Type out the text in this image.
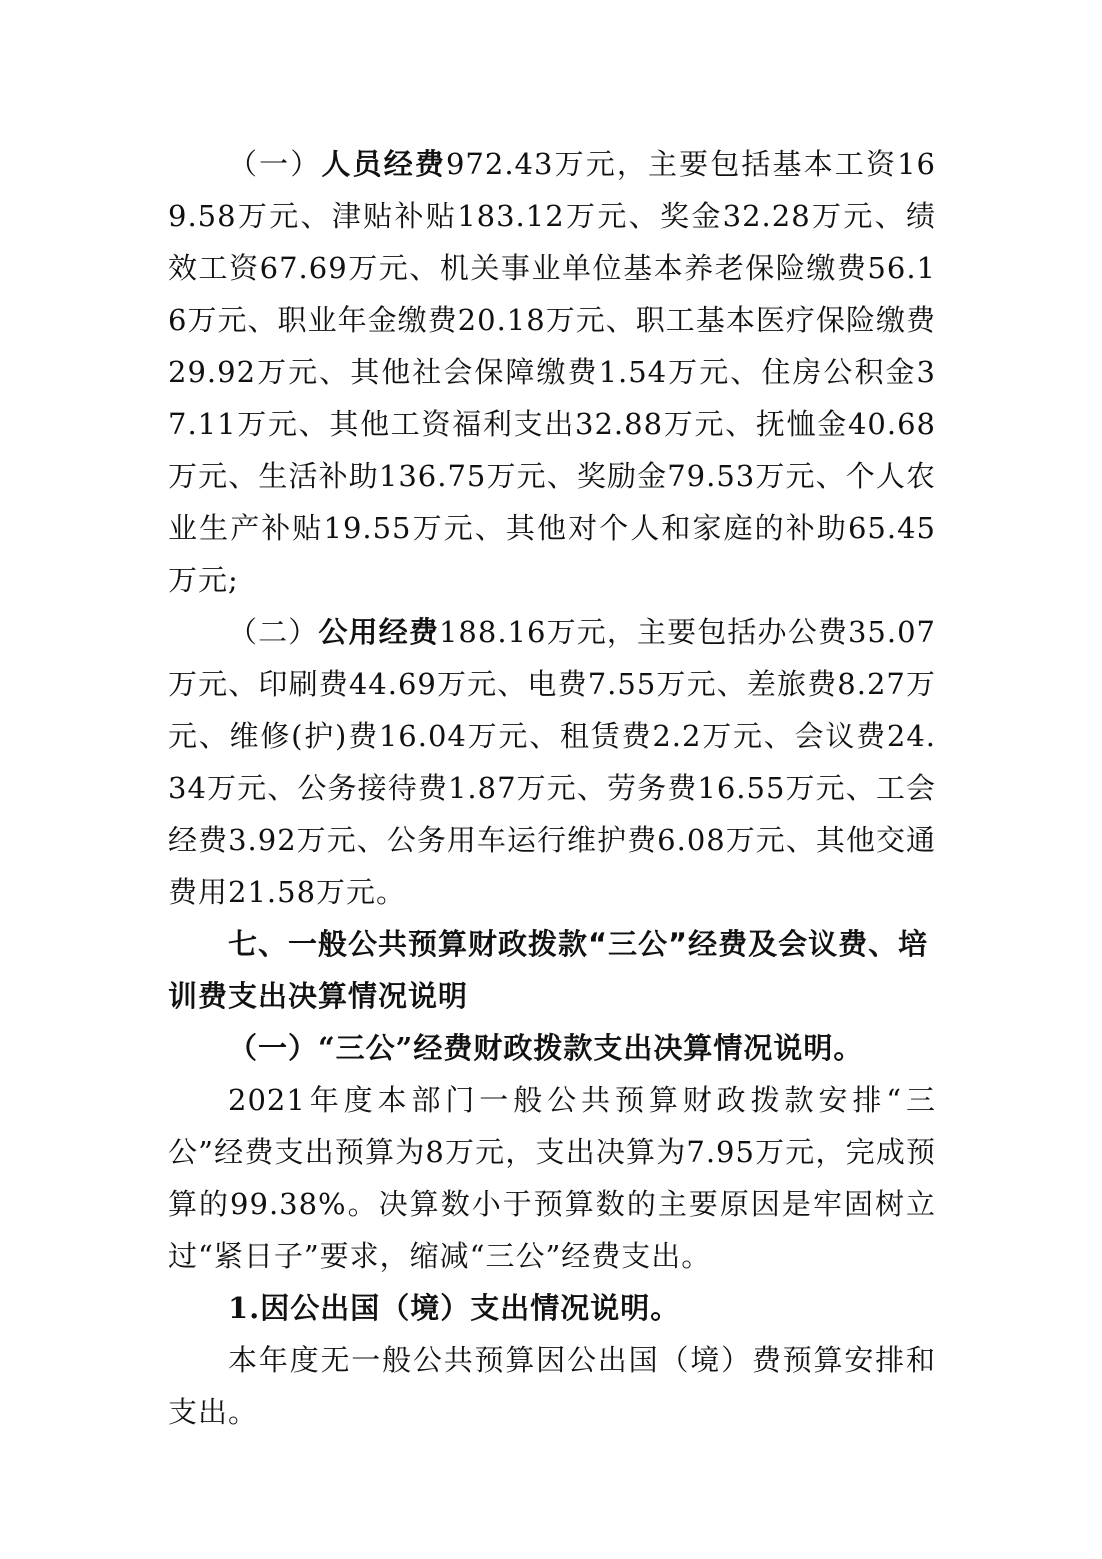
（一）人员经费972.43万元，主要包括基本工资169.58万元、津贴补贴183.12万元、奖金32.28万元、绩效工资67.69万元、机关事业单位基本养老保险缴费56.16万元、职业年金缴费20.18万元、职工基本医疗保险缴费29.92万元、其他社会保障缴费1.54万元、住房公积金37.11万元、其他工资福利支出32.88万元、抚恤金40.68万元、生活补助136.75万元、奖励金79.53万元、个人农业生产补贴19.55万元、其他对个人和家庭的补助65.45万元;

（二）公用经费188.16万元，主要包括办公费35.07万元、印刷费44.69万元、电费7.55万元、差旅费8.27万元、维修(护)费16.04万元、租赁费2.2万元、会议费24.34万元、公务接待费1.87万元、劳务费16.55万元、工会经费3.92万元、公务用车运行维护费6.08万元、其他交通费用21.58万元。

七、一般公共预算财政拨款“三公”经费及会议费、培训费支出决算情况说明

（一）“三公”经费财政拨款支出决算情况说明。

2021年度本部门一般公共预算财政拨款安排“三公”经费支出预算为8万元，支出决算为7.95万元，完成预算的99.38%。决算数小于预算数的主要原因是牢固树立过“紧日子”要求，缩减“三公”经费支出。

1.因公出国（境）支出情况说明。

本年度无一般公共预算因公出国（境）费预算安排和支出。
